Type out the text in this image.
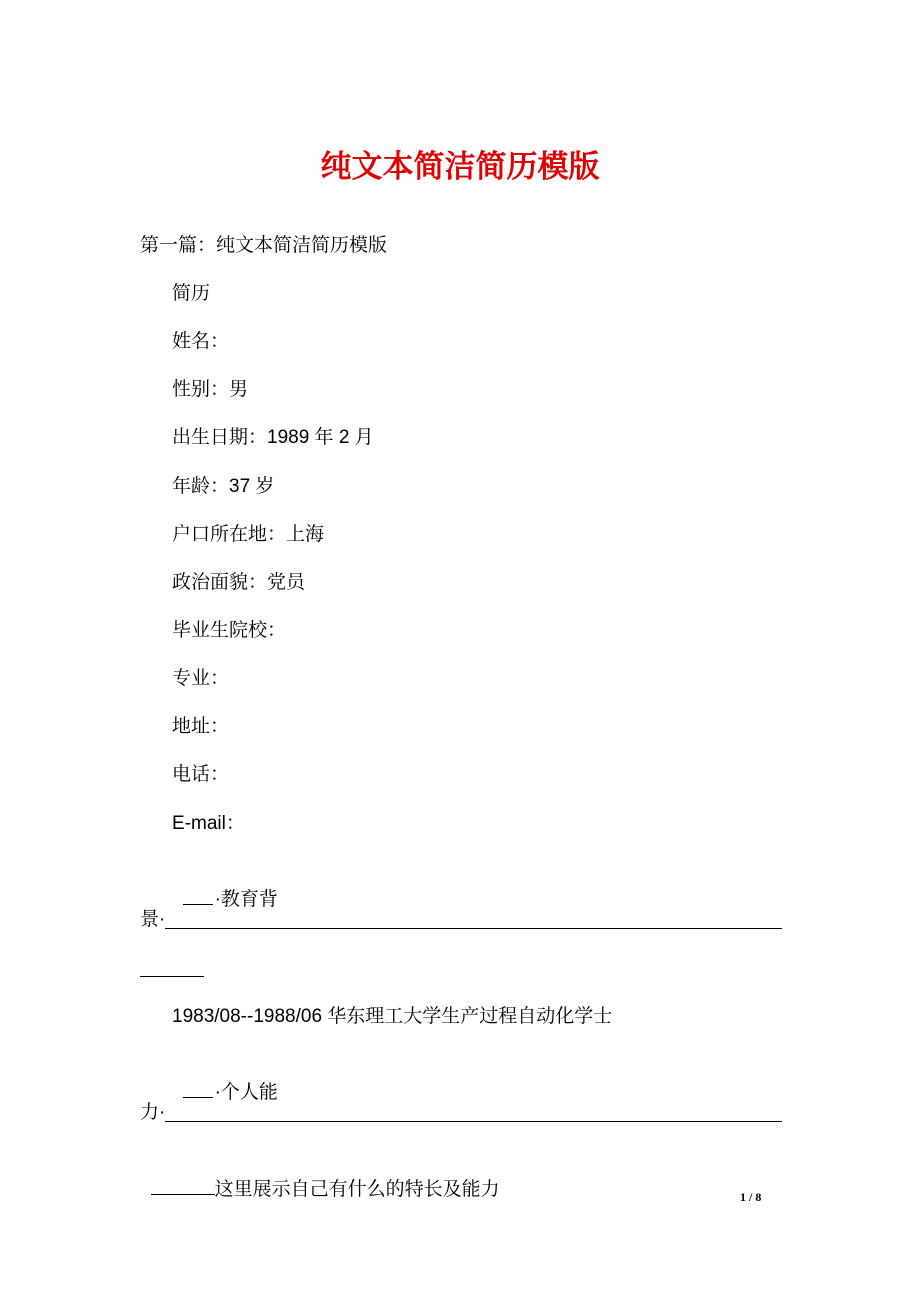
纯文本简洁简历模版
第一篇：纯文本简洁简历模版
简历
姓名：
性别：男
出生日期：1989 年 2 月
年龄：37 岁
户口所在地：上海
政治面貌：党员
毕业生院校：
专业：
地址：
电话：
E-mail：

·教育背

景·
1983/08--1988/06 华东理工大学生产过程自动化学士

·个人能

力·

这里展示自己有什么的特长及能力	1 / 8
